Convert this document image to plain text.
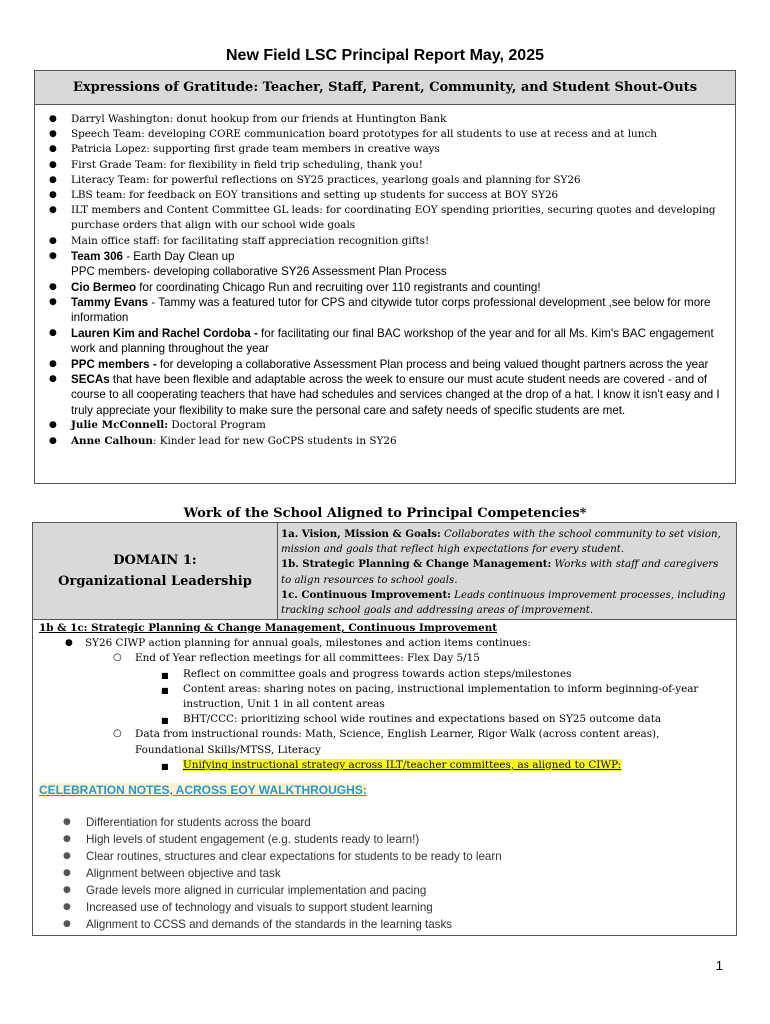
New Field LSC Principal Report May, 2025
Expressions of Gratitude: Teacher, Staff, Parent, Community, and Student Shout-Outs
● Darryl Washington: donut hookup from our friends at Huntington Bank
● Speech Team: developing CORE communication board prototypes for all students to use at recess and at lunch
● Patricia Lopez: supporting first grade team members in creative ways
● First Grade Team: for flexibility in field trip scheduling, thank you!
● Literacy Team: for powerful reflections on SY25 practices, yearlong goals and planning for SY26
● LBS team: for feedback on EOY transitions and setting up students for success at BOY SY26
● ILT members and Content Committee GL leads: for coordinating EOY spending priorities, securing quotes and developing purchase orders that align with our school wide goals
● Main office staff: for facilitating staff appreciation recognition gifts!
● Team 306 - Earth Day Clean up
PPC members- developing collaborative SY26 Assessment Plan Process
● Cio Bermeo for coordinating Chicago Run and recruiting over 110 registrants and counting!
● Tammy Evans - Tammy was a featured tutor for CPS and citywide tutor corps professional development ,see below for more information
● Lauren Kim and Rachel Cordoba - for facilitating our final BAC workshop of the year and for all Ms. Kim's BAC engagement work and planning throughout the year
● PPC members - for developing a collaborative Assessment Plan process and being valued thought partners across the year
● SECAs that have been flexible and adaptable across the week to ensure our must acute student needs are covered - and of course to all cooperating teachers that have had schedules and services changed at the drop of a hat. I know it isn't easy and I truly appreciate your flexibility to make sure the personal care and safety needs of specific students are met.
● Julie McConnell: Doctoral Program
● Anne Calhoun: Kinder lead for new GoCPS students in SY26
Work of the School Aligned to Principal Competencies*
DOMAIN 1:
Organizational Leadership
1a. Vision, Mission & Goals: Collaborates with the school community to set vision, mission and goals that reflect high expectations for every student.
1b. Strategic Planning & Change Management: Works with staff and caregivers to align resources to school goals.
1c. Continuous Improvement: Leads continuous improvement processes, including tracking school goals and addressing areas of improvement.
1b & 1c: Strategic Planning & Change Management, Continuous Improvement
● SY26 CIWP action planning for annual goals, milestones and action items continues:
○ End of Year reflection meetings for all committees: Flex Day 5/15
■ Reflect on committee goals and progress towards action steps/milestones
■ Content areas: sharing notes on pacing, instructional implementation to inform beginning-of-year instruction, Unit 1 in all content areas
■ BHT/CCC: prioritizing school wide routines and expectations based on SY25 outcome data
○ Data from instructional rounds: Math, Science, English Learner, Rigor Walk (across content areas), Foundational Skills/MTSS, Literacy
■ Unifying instructional strategy across ILT/teacher committees, as aligned to CIWP:
CELEBRATION NOTES, ACROSS EOY WALKTHROUGHS:
● Differentiation for students across the board
● High levels of student engagement (e.g. students ready to learn!)
● Clear routines, structures and clear expectations for students to be ready to learn
● Alignment between objective and task
● Grade levels more aligned in curricular implementation and pacing
● Increased use of technology and visuals to support student learning
● Alignment to CCSS and demands of the standards in the learning tasks
1
